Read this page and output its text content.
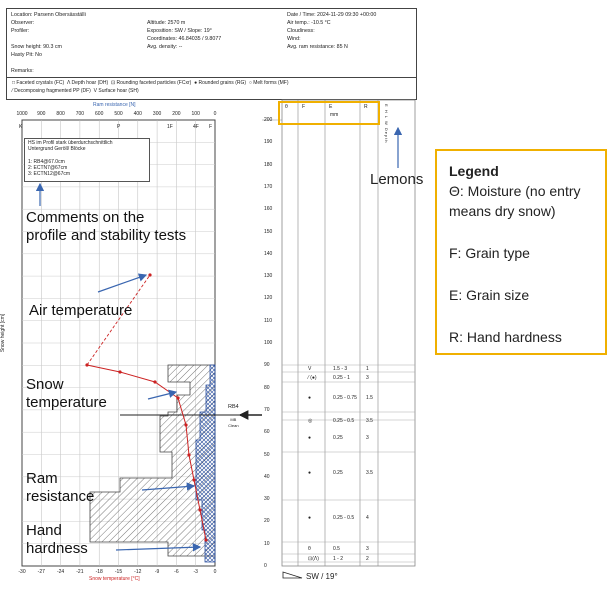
Location: Parsenn Obersäsställi
Observer:
Profiler:
Snow height: 90.3 cm
Hasty Pit: No
Remarks:
Altitude: 2570 m
Exposition: SW / Slope: 19°
Coordinates: 46.84035 / 9.8077
Avg. density: --
Date / Time: 2024-11-29 09:30 +00:00
Air temp.: -10.5 °C
Cloudiness:
Wind:
Avg. ram resistance: 85 N
□ Faceted crystals (FC) Λ Depth hoar (DH) ⊡ Rounding faceted particles (FCxr) ● Rounded grains (RG) ○ Melt forms (MF)
⁄ Decomposing fragmented PP (DF) V Surface hoar (SH)
Ram resistance [N]
1000	900	800	700	600	500	400	300	200	100	0
K	P	1F	4F F
-30	-27	-24	-21	-18	-15	-12	-9	-6	-3	0
Snow temperature [°C]
200
190
180
170
160
150
140
130
120
110
100
90
80
70
60
50
40
30
20
10
0
Snow height [cm]
HS im Profil stark überdurchschnittlich
Untergrund Geröll/ Blöcke
1: RB4@67.0cm
2: ECTN7@67cm
3: ECTN12@67cm
RB4
MB
Clean
θ	F	E
mm
R	E H L W Depth
V	1.5 - 3	1
⁄ (●)	0.25 - 1	3
●	0.25 - 0.75 1.5
◎	0.25 - 0.5 3.5
●	0.25	3
●	0.25	3.5
●	0.25 - 0.5 4
θ	0.5	3
⊡(Λ)	1 - 2	2
SW / 19°
Comments on the
profile and stability tests
Air temperature
Snow
temperature
Ram
resistance
Hand
hardness
Lemons Legend
Θ: Moisture (no entry
means dry snow)
F: Grain type
E: Grain size
R: Hand hardness
